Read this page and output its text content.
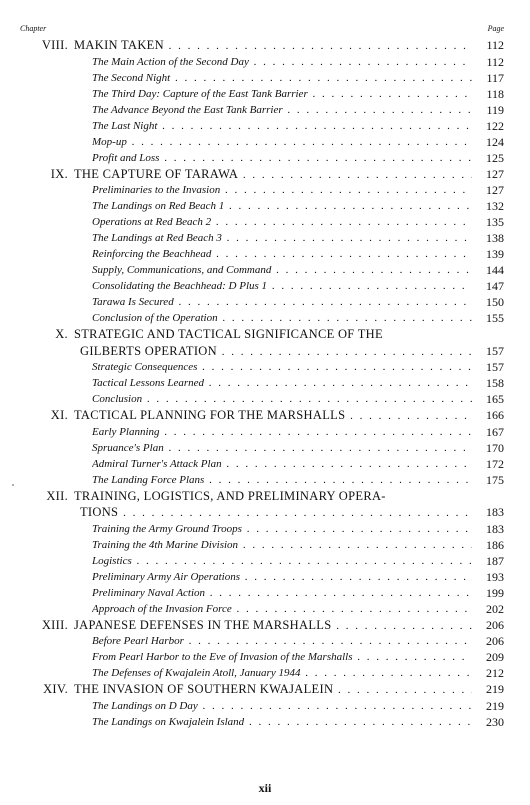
Chapter	Page
VIII. MAKIN TAKEN . . .	112
The Main Action of the Second Day . . .	112
The Second Night . . .	117
The Third Day: Capture of the East Tank Barrier . . .	118
The Advance Beyond the East Tank Barrier . . .	119
The Last Night . . .	122
Mop-up . . .	124
Profit and Loss . . .	125
IX. THE CAPTURE OF TARAWA . . .	127
Preliminaries to the Invasion . . .	127
The Landings on Red Beach 1 . . .	132
Operations at Red Beach 2 . . .	135
The Landings at Red Beach 3 . . .	138
Reinforcing the Beachhead . . .	139
Supply, Communications, and Command . . .	144
Consolidating the Beachhead: D Plus 1 . . .	147
Tarawa Is Secured . . .	150
Conclusion of the Operation . . .	155
X. STRATEGIC AND TACTICAL SIGNIFICANCE OF THE
GILBERTS OPERATION . . .	157
Strategic Consequences . . .	157
Tactical Lessons Learned . . .	158
Conclusion . . .	165
XI. TACTICAL PLANNING FOR THE MARSHALLS . . .	166
Early Planning . . .	167
Spruance's Plan . . .	170
Admiral Turner's Attack Plan . . .	172
The Landing Force Plans . . .	175
XII. TRAINING, LOGISTICS, AND PRELIMINARY OPERA-
TIONS . . .	183
Training the Army Ground Troops . . .	183
Training the 4th Marine Division . . .	186
Logistics . . .	187
Preliminary Army Air Operations . . .	193
Preliminary Naval Action . . .	199
Approach of the Invasion Force . . .	202
XIII. JAPANESE DEFENSES IN THE MARSHALLS . . .	206
Before Pearl Harbor . . .	206
From Pearl Harbor to the Eve of Invasion of the Marshalls . . .	209
The Defenses of Kwajalein Atoll, January 1944 . . .	212
XIV. THE INVASION OF SOUTHERN KWAJALEIN . . .	219
The Landings on D Day . . .	219
The Landings on Kwajalein Island . . .	230
xii
